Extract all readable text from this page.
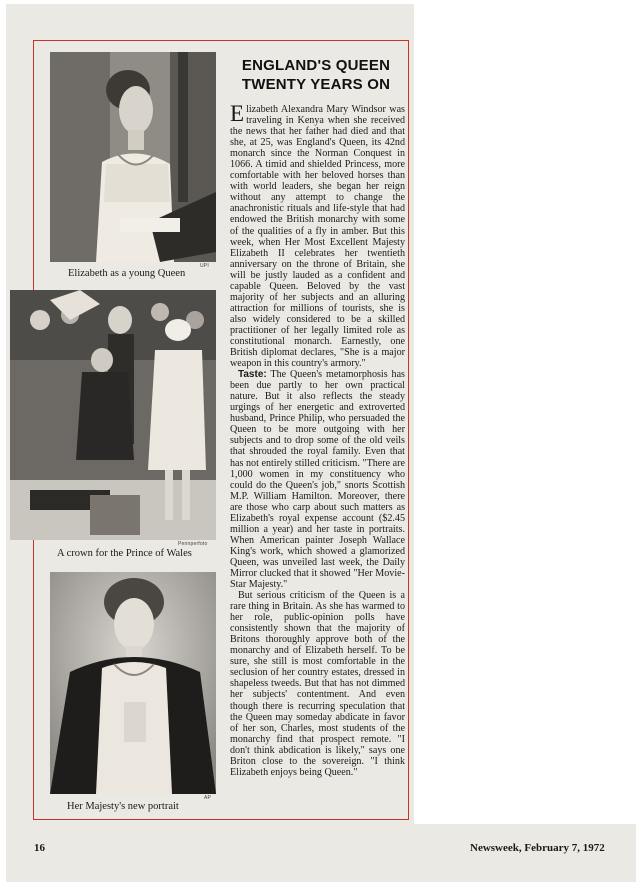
UPI
Elizabeth as a young Queen
Pennperfoto
A crown for the Prince of Wales
AP
Her Majesty's new portrait
ENGLAND'S QUEEN
TWENTY YEARS ON

Elizabeth Alexandra Mary Windsor was traveling in Kenya when she received the news that her father had died and that she, at 25, was England's Queen, its 42nd monarch since the Norman Conquest in 1066. A timid and shielded Princess, more comfortable with her beloved horses than with world leaders, she began her reign without any attempt to change the anachronistic rituals and life-style that had endowed the British monarchy with some of the qualities of a fly in amber. But this week, when Her Most Excellent Majesty Elizabeth II celebrates her twentieth anniversary on the throne of Britain, she will be justly lauded as a confident and capable Queen. Beloved by the vast majority of her subjects and an alluring attraction for millions of tourists, she is also widely considered to be a skilled practitioner of her legally limited role as constitutional monarch. Earnestly, one British diplomat declares, "She is a major weapon in this country's armory."

Taste: The Queen's metamorphosis has been due partly to her own practical nature. But it also reflects the steady urgings of her energetic and extroverted husband, Prince Philip, who persuaded the Queen to be more outgoing with her subjects and to drop some of the old veils that shrouded the royal family. Even that has not entirely stilled criticism. "There are 1,000 women in my constituency who could do the Queen's job," snorts Scottish M.P. William Hamilton. Moreover, there are those who carp about such matters as Elizabeth's royal expense account ($2.45 million a year) and her taste in portraits. When American painter Joseph Wallace King's work, which showed a glamorized Queen, was unveiled last week, the Daily Mirror clucked that it showed "Her Movie-Star Majesty."

But serious criticism of the Queen is a rare thing in Britain. As she has warmed to her role, public-opinion polls have consistently shown that the majority of Britons thoroughly approve both of the monarchy and of Elizabeth herself. To be sure, she still is most comfortable in the seclusion of her country estates, dressed in shapeless tweeds. But that has not dimmed her subjects' contentment. And even though there is recurring speculation that the Queen may someday abdicate in favor of her son, Charles, most students of the monarchy find that prospect remote. "I don't think abdication is likely," says one Briton close to the sovereign. "I think Elizabeth enjoys being Queen."

16	Newsweek, February 7, 1972
